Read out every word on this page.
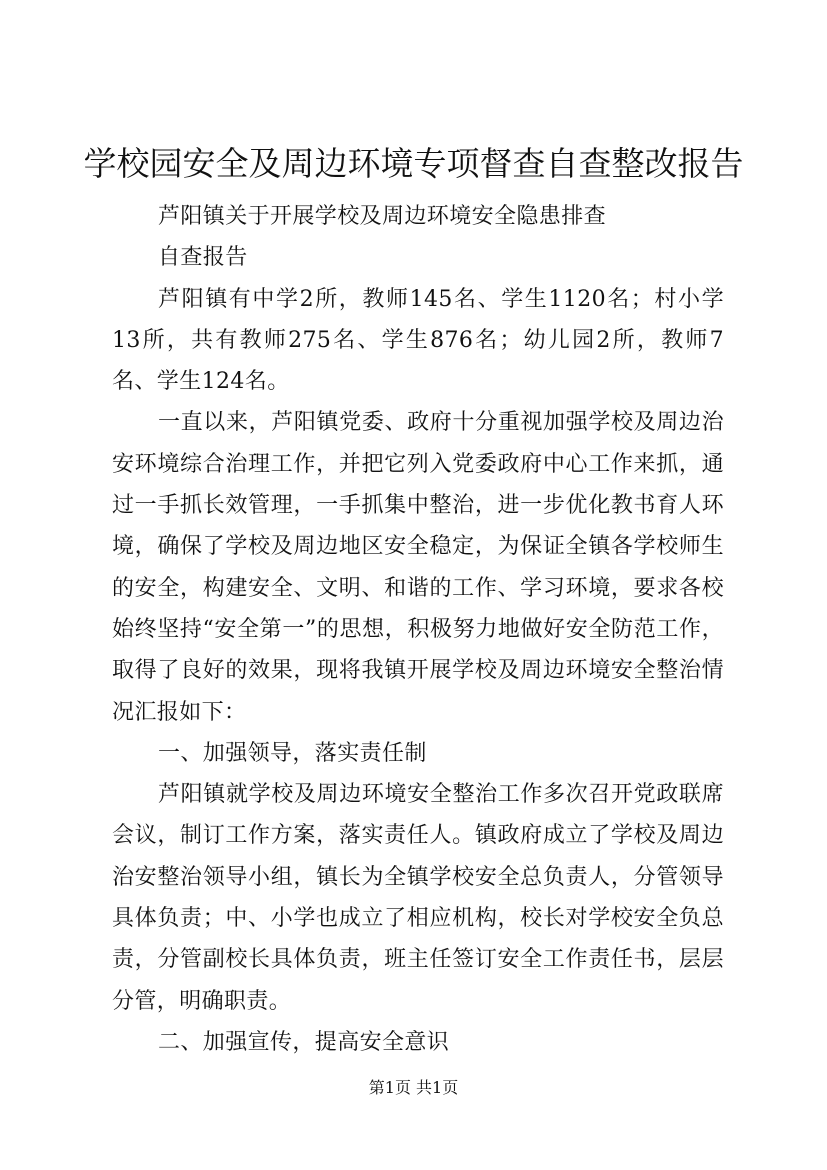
学校园安全及周边环境专项督查自查整改报告

芦阳镇关于开展学校及周边环境安全隐患排查

自查报告

芦阳镇有中学2所，教师145名、学生1120名；村小学13所，共有教师275名、学生876名；幼儿园2所，教师7名、学生124名。

一直以来，芦阳镇党委、政府十分重视加强学校及周边治安环境综合治理工作，并把它列入党委政府中心工作来抓，通过一手抓长效管理，一手抓集中整治，进一步优化教书育人环境，确保了学校及周边地区安全稳定，为保证全镇各学校师生的安全，构建安全、文明、和谐的工作、学习环境，要求各校始终坚持“安全第一”的思想，积极努力地做好安全防范工作，取得了良好的效果，现将我镇开展学校及周边环境安全整治情况汇报如下：

一、加强领导，落实责任制

芦阳镇就学校及周边环境安全整治工作多次召开党政联席会议，制订工作方案，落实责任人。镇政府成立了学校及周边治安整治领导小组，镇长为全镇学校安全总负责人，分管领导具体负责；中、小学也成立了相应机构，校长对学校安全负总责，分管副校长具体负责，班主任签订安全工作责任书，层层分管，明确职责。

二、加强宣传，提高安全意识

第1页 共1页
